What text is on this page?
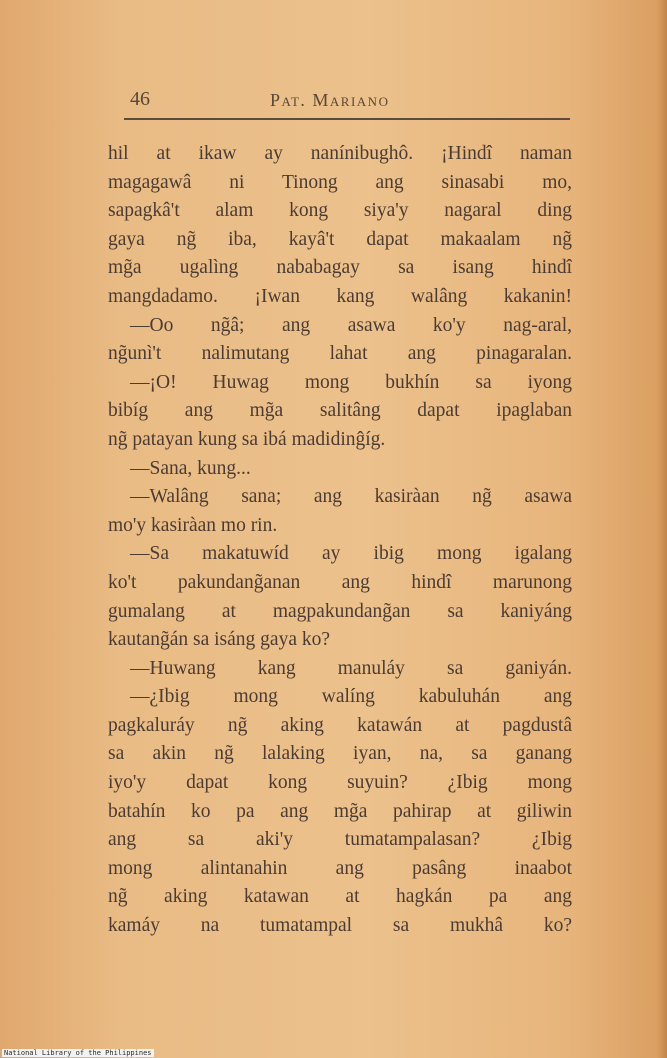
46	Pat. Mariano
hil at ikaw ay nanínibughô. ¡Hindî naman
magagawâ ni Tinong ang sinasabi mo,
sapagkâ't alam kong siya'y nagaral ding
gaya ng̃ iba, kayâ't dapat makaalam ng̃
mg̃a ugalìng nababagay sa isang hindî
mangdadamo. ¡Iwan kang walâng kakanin!
—Oo ng̃â; ang asawa ko'y nag-aral,
ng̃unì't nalimutang lahat ang pinagaralan.
—¡O! Huwag mong bukhín sa iyong
bibíg ang mg̃a salitâng dapat ipaglaban
ng̃ patayan kung sa ibá madidinĝíg.
—Sana, kung...
—Walâng sana; ang kasiràan ng̃ asawa
mo'y kasiràan mo rin.
—Sa makatuwíd ay ibig mong igalang
ko't pakundang̃anan ang hindî marunong
gumalang at magpakundang̃an sa kaniyáng
kautang̃án sa isáng gaya ko?
—Huwang kang manuláy sa ganiyán.
—¿Ibig mong walíng kabuluhán ang
pagkaluráy ng̃ aking katawán at pagdustâ
sa akin ng̃ lalaking iyan, na, sa ganang
iyo'y dapat kong suyuin? ¿Ibig mong
batahín ko pa ang mg̃a pahirap at giliwin
ang sa aki'y tumatampalasan? ¿Ibig
mong alintanahin ang pasâng inaabot
ng̃ aking katawan at hagkán pa ang
kamáy na tumatampal sa mukhâ ko?
National Library of the Philippines
